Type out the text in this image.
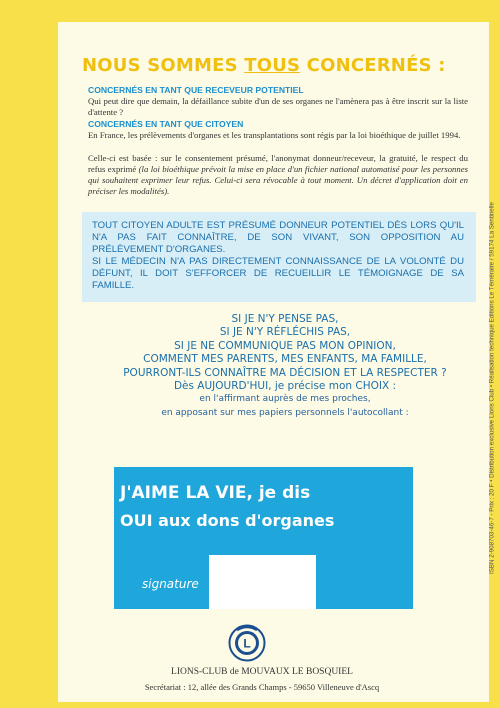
NOUS SOMMES TOUS CONCERNÉS :
CONCERNÉS EN TANT QUE RECEVEUR POTENTIEL
Qui peut dire que demain, la défaillance subite d'un de ses organes ne l'amènera pas à être inscrit sur la liste d'attente ?
CONCERNÉS EN TANT QUE CITOYEN
En France, les prélèvements d'organes et les transplantations sont régis par la loi bioéthique de juillet 1994.
Celle-ci est basée : sur le consentement présumé, l'anonymat donneur/receveur, la gratuité, le respect du refus exprimé (la loi bioéthique prévoit la mise en place d'un fichier national automatisé pour les personnes qui souhaitent exprimer leur refus. Celui-ci sera révocable à tout moment. Un décret d'application doit en préciser les modalités).

TOUT CITOYEN ADULTE EST PRÉSUMÉ DONNEUR POTENTIEL DÈS LORS QU'IL N'A PAS FAIT CONNAÎTRE, DE SON VIVANT, SON OPPOSITION AU PRÉLÈVEMENT D'ORGANES.

SI LE MÉDECIN N'A PAS DIRECTEMENT CONNAISSANCE DE LA VOLONTÉ DU DÉFUNT, IL DOIT S'EFFORCER DE RECUEILLIR LE TÉMOIGNAGE DE SA FAMILLE.

SI JE N'Y PENSE PAS,
SI JE N'Y RÉFLÉCHIS PAS,
SI JE NE COMMUNIQUE PAS MON OPINION,
COMMENT MES PARENTS, MES ENFANTS, MA FAMILLE,
POURRONT-ILS CONNAÎTRE MA DÉCISION ET LA RESPECTER ?
Dès AUJOURD'HUI, je précise mon CHOIX :
en l'affirmant auprès de mes proches,
en apposant sur mes papiers personnels l'autocollant :
J'AIME LA VIE, je dis
OUI aux dons d'organes
signature
L
LIONS-CLUB de MOUVAUX LE BOSQUIEL
Secrétariat : 12, allée des Grands Champs - 59650 Villeneuve d'Ascq
ISBN 2-908703-46-7 - Prix : 20 F • Distribution exclusive Lions Club • Réalisation technique Editions Le Téméraire / 59174 La Sentinelle
